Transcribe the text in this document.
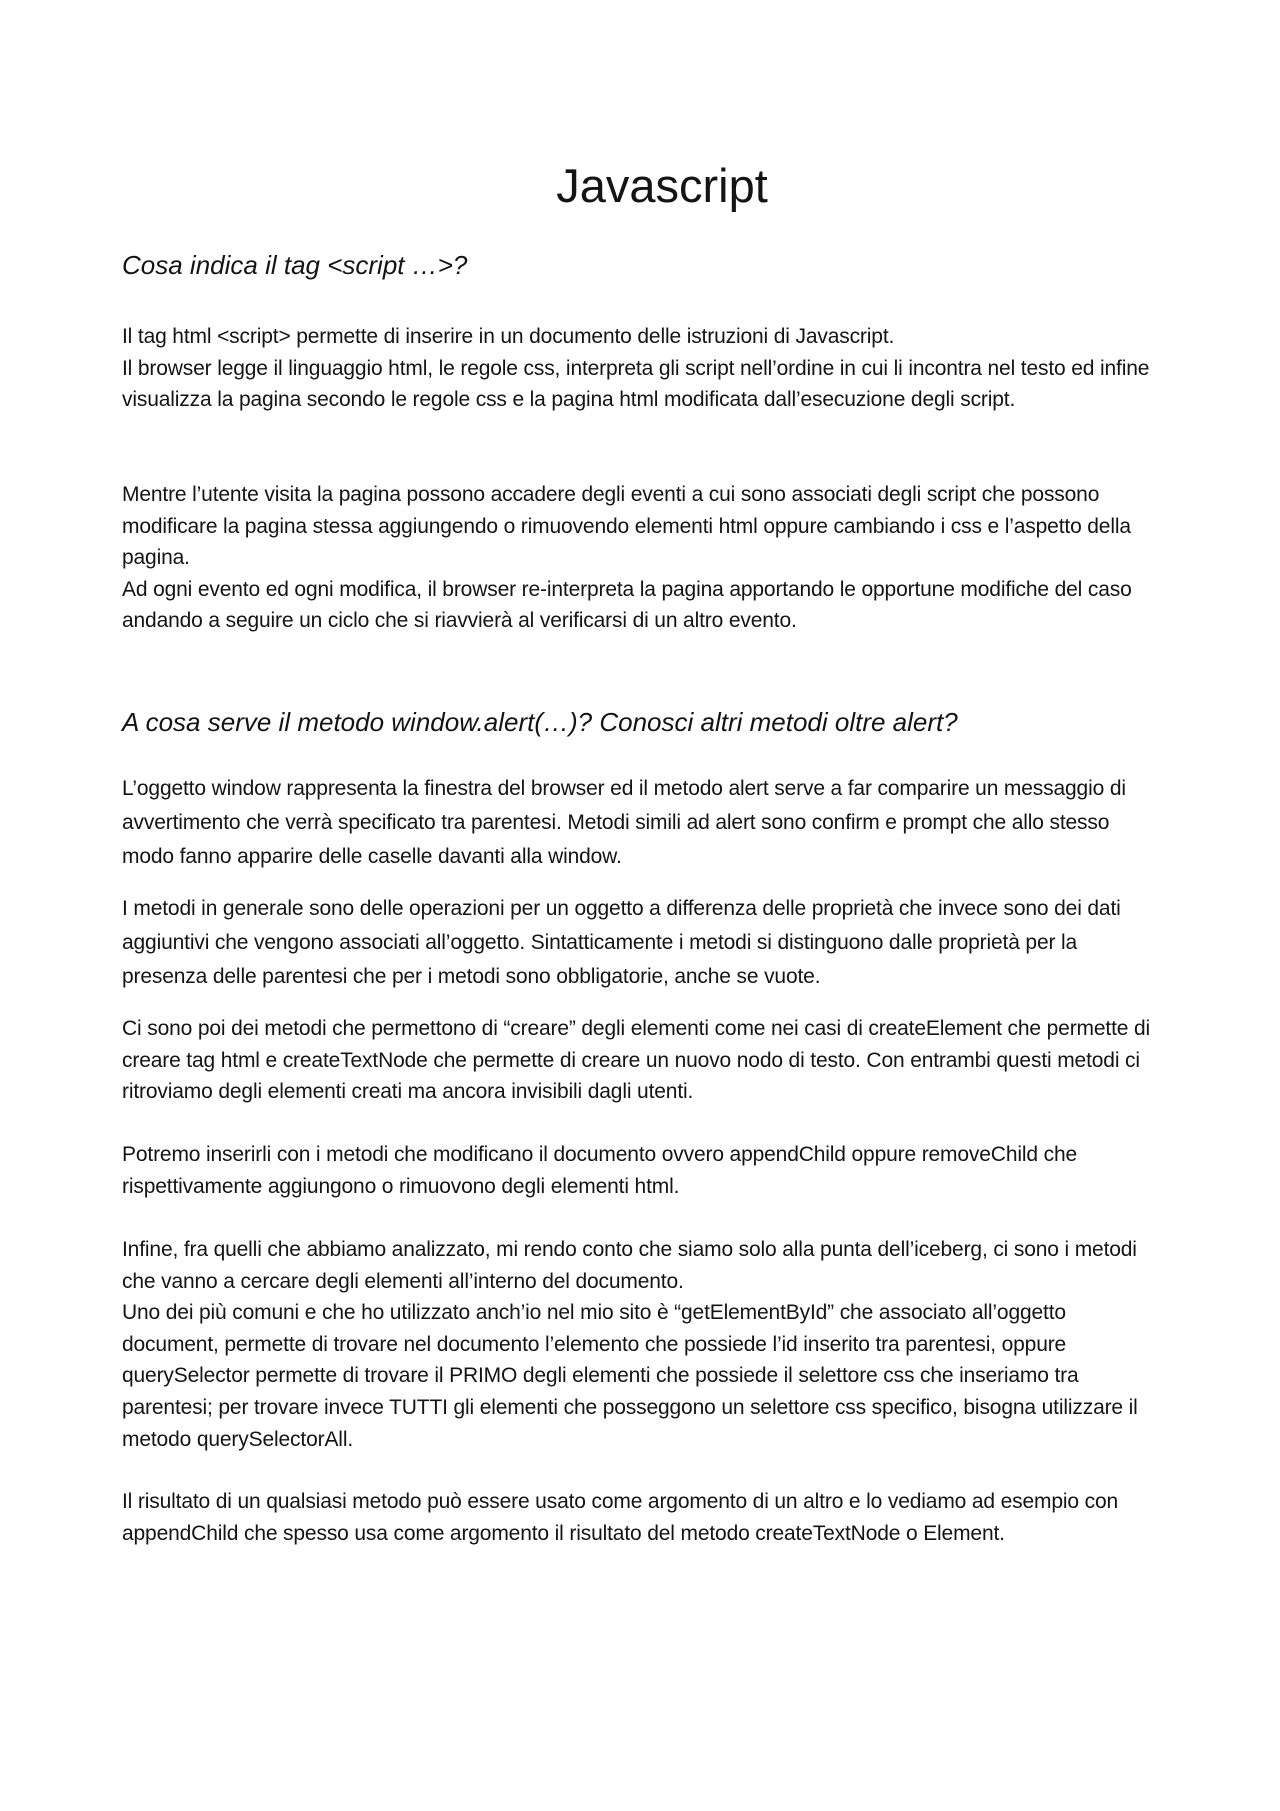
Javascript
Cosa indica il tag <script …>?

Il tag html <script> permette di inserire in un documento delle istruzioni di Javascript.
Il browser legge il linguaggio html, le regole css, interpreta gli script nell’ordine in cui li incontra nel testo ed infine visualizza la pagina secondo le regole css e la pagina html modificata dall’esecuzione degli script.

Mentre l’utente visita la pagina possono accadere degli eventi a cui sono associati degli script che possono modificare la pagina stessa aggiungendo o rimuovendo elementi html oppure cambiando i css e l’aspetto della pagina.
Ad ogni evento ed ogni modifica, il browser re-interpreta la pagina apportando le opportune modifiche del caso andando a seguire un ciclo che si riavvierà al verificarsi di un altro evento.

A cosa serve il metodo window.alert(…)? Conosci altri metodi oltre alert?

L’oggetto window rappresenta la finestra del browser ed il metodo alert serve a far comparire un messaggio di avvertimento che verrà specificato tra parentesi. Metodi simili ad alert sono confirm e prompt che allo stesso modo fanno apparire delle caselle davanti alla window.

I metodi in generale sono delle operazioni per un oggetto a differenza delle proprietà che invece sono dei dati aggiuntivi che vengono associati all’oggetto. Sintatticamente i metodi si distinguono dalle proprietà per la presenza delle parentesi che per i metodi sono obbligatorie, anche se vuote.

Ci sono poi dei metodi che permettono di “creare” degli elementi come nei casi di createElement che permette di creare tag html e createTextNode che permette di creare un nuovo nodo di testo. Con entrambi questi metodi ci ritroviamo degli elementi creati ma ancora invisibili dagli utenti.

Potremo inserirli con i metodi che modificano il documento ovvero appendChild oppure removeChild che rispettivamente aggiungono o rimuovono degli elementi html.

Infine, fra quelli che abbiamo analizzato, mi rendo conto che siamo solo alla punta dell’iceberg, ci sono i metodi che vanno a cercare degli elementi all’interno del documento.
Uno dei più comuni e che ho utilizzato anch’io nel mio sito è “getElementById” che associato all’oggetto document, permette di trovare nel documento l’elemento che possiede l’id inserito tra parentesi, oppure querySelector permette di trovare il PRIMO degli elementi che possiede il selettore css che inseriamo tra parentesi; per trovare invece TUTTI gli elementi che posseggono un selettore css specifico, bisogna utilizzare il metodo querySelectorAll.

Il risultato di un qualsiasi metodo può essere usato come argomento di un altro e lo vediamo ad esempio con appendChild che spesso usa come argomento il risultato del metodo createTextNode o Element.
